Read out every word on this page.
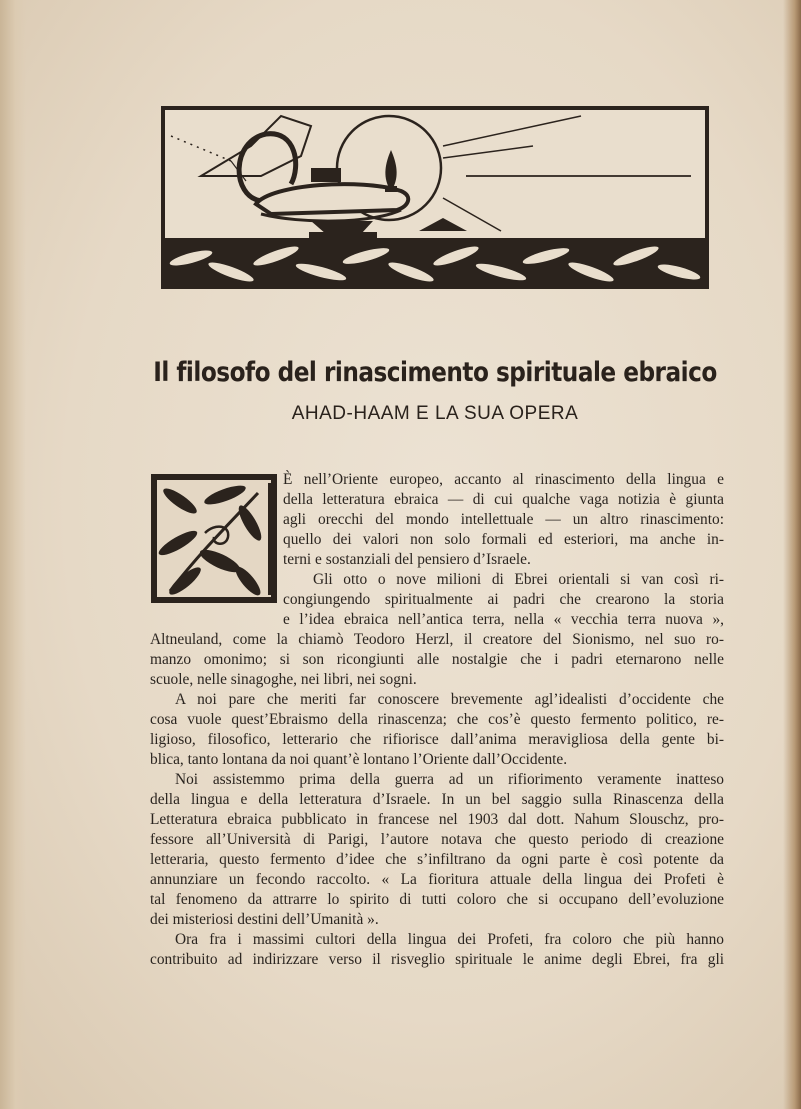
Il filosofo del rinascimento spirituale ebraico
AHAD-HAAM E LA SUA OPERA
È nell’Oriente europeo, accanto al rinascimento della lingua e
della letteratura ebraica — di cui qualche vaga notizia è giunta
agli orecchi del mondo intellettuale — un altro rinascimento:
quello dei valori non solo formali ed esteriori, ma anche in-
terni e sostanziali del pensiero d’Israele.
Gli otto o nove milioni di Ebrei orientali si van così ri-
congiungendo spiritualmente ai padri che crearono la storia
e l’idea ebraica nell’antica terra, nella « vecchia terra nuova »,
Altneuland, come la chiamò Teodoro Herzl, il creatore del Sionismo, nel suo ro-
manzo omonimo; si son ricongiunti alle nostalgie che i padri eternarono nelle
scuole, nelle sinagoghe, nei libri, nei sogni.
A noi pare che meriti far conoscere brevemente agl’idealisti d’occidente che
cosa vuole quest’Ebraismo della rinascenza; che cos’è questo fermento politico, re-
ligioso, filosofico, letterario che rifiorisce dall’anima meravigliosa della gente bi-
blica, tanto lontana da noi quant’è lontano l’Oriente dall’Occidente.
Noi assistemmo prima della guerra ad un rifiorimento veramente inatteso
della lingua e della letteratura d’Israele. In un bel saggio sulla Rinascenza della
Letteratura ebraica pubblicato in francese nel 1903 dal dott. Nahum Slouschz, pro-
fessore all’Università di Parigi, l’autore notava che questo periodo di creazione
letteraria, questo fermento d’idee che s’infiltrano da ogni parte è così potente da
annunziare un fecondo raccolto. « La fioritura attuale della lingua dei Profeti è
tal fenomeno da attrarre lo spirito di tutti coloro che si occupano dell’evoluzione
dei misteriosi destini dell’Umanità ».
Ora fra i massimi cultori della lingua dei Profeti, fra coloro che più hanno
contribuito ad indirizzare verso il risveglio spirituale le anime degli Ebrei, fra gli
